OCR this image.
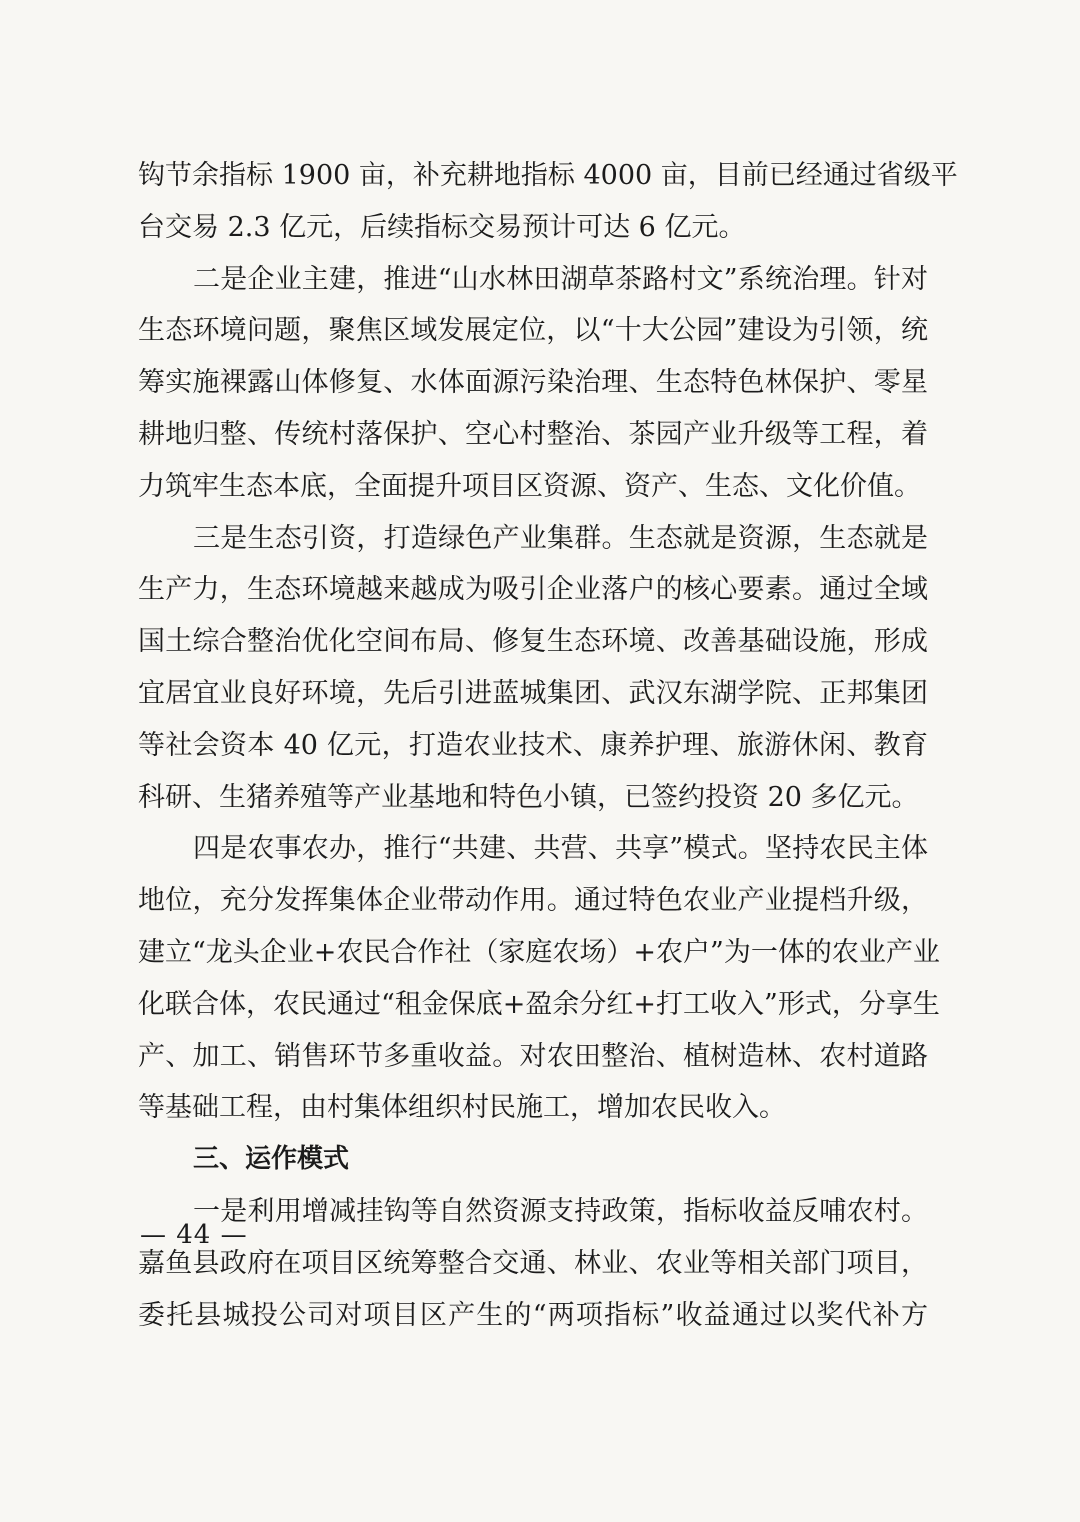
钩节余指标 1900 亩，补充耕地指标 4000 亩，目前已经通过省级平

台交易 2.3 亿元，后续指标交易预计可达 6 亿元。

二是企业主建，推进“山水林田湖草茶路村文”系统治理。针对

生态环境问题，聚焦区域发展定位，以“十大公园”建设为引领，统

筹实施裸露山体修复、水体面源污染治理、生态特色林保护、零星

耕地归整、传统村落保护、空心村整治、茶园产业升级等工程，着

力筑牢生态本底，全面提升项目区资源、资产、生态、文化价值。

三是生态引资，打造绿色产业集群。生态就是资源，生态就是

生产力，生态环境越来越成为吸引企业落户的核心要素。通过全域

国土综合整治优化空间布局、修复生态环境、改善基础设施，形成

宜居宜业良好环境，先后引进蓝城集团、武汉东湖学院、正邦集团

等社会资本 40 亿元，打造农业技术、康养护理、旅游休闲、教育

科研、生猪养殖等产业基地和特色小镇，已签约投资 20 多亿元。

四是农事农办，推行“共建、共营、共享”模式。坚持农民主体

地位，充分发挥集体企业带动作用。通过特色农业产业提档升级，

建立“龙头企业+农民合作社（家庭农场）+农户”为一体的农业产业

化联合体，农民通过“租金保底+盈余分红+打工收入”形式，分享生

产、加工、销售环节多重收益。对农田整治、植树造林、农村道路

等基础工程，由村集体组织村民施工，增加农民收入。

三、运作模式

一是利用增减挂钩等自然资源支持政策，指标收益反哺农村。

嘉鱼县政府在项目区统筹整合交通、林业、农业等相关部门项目，

委托县城投公司对项目区产生的“两项指标”收益通过以奖代补方

— 44 —
